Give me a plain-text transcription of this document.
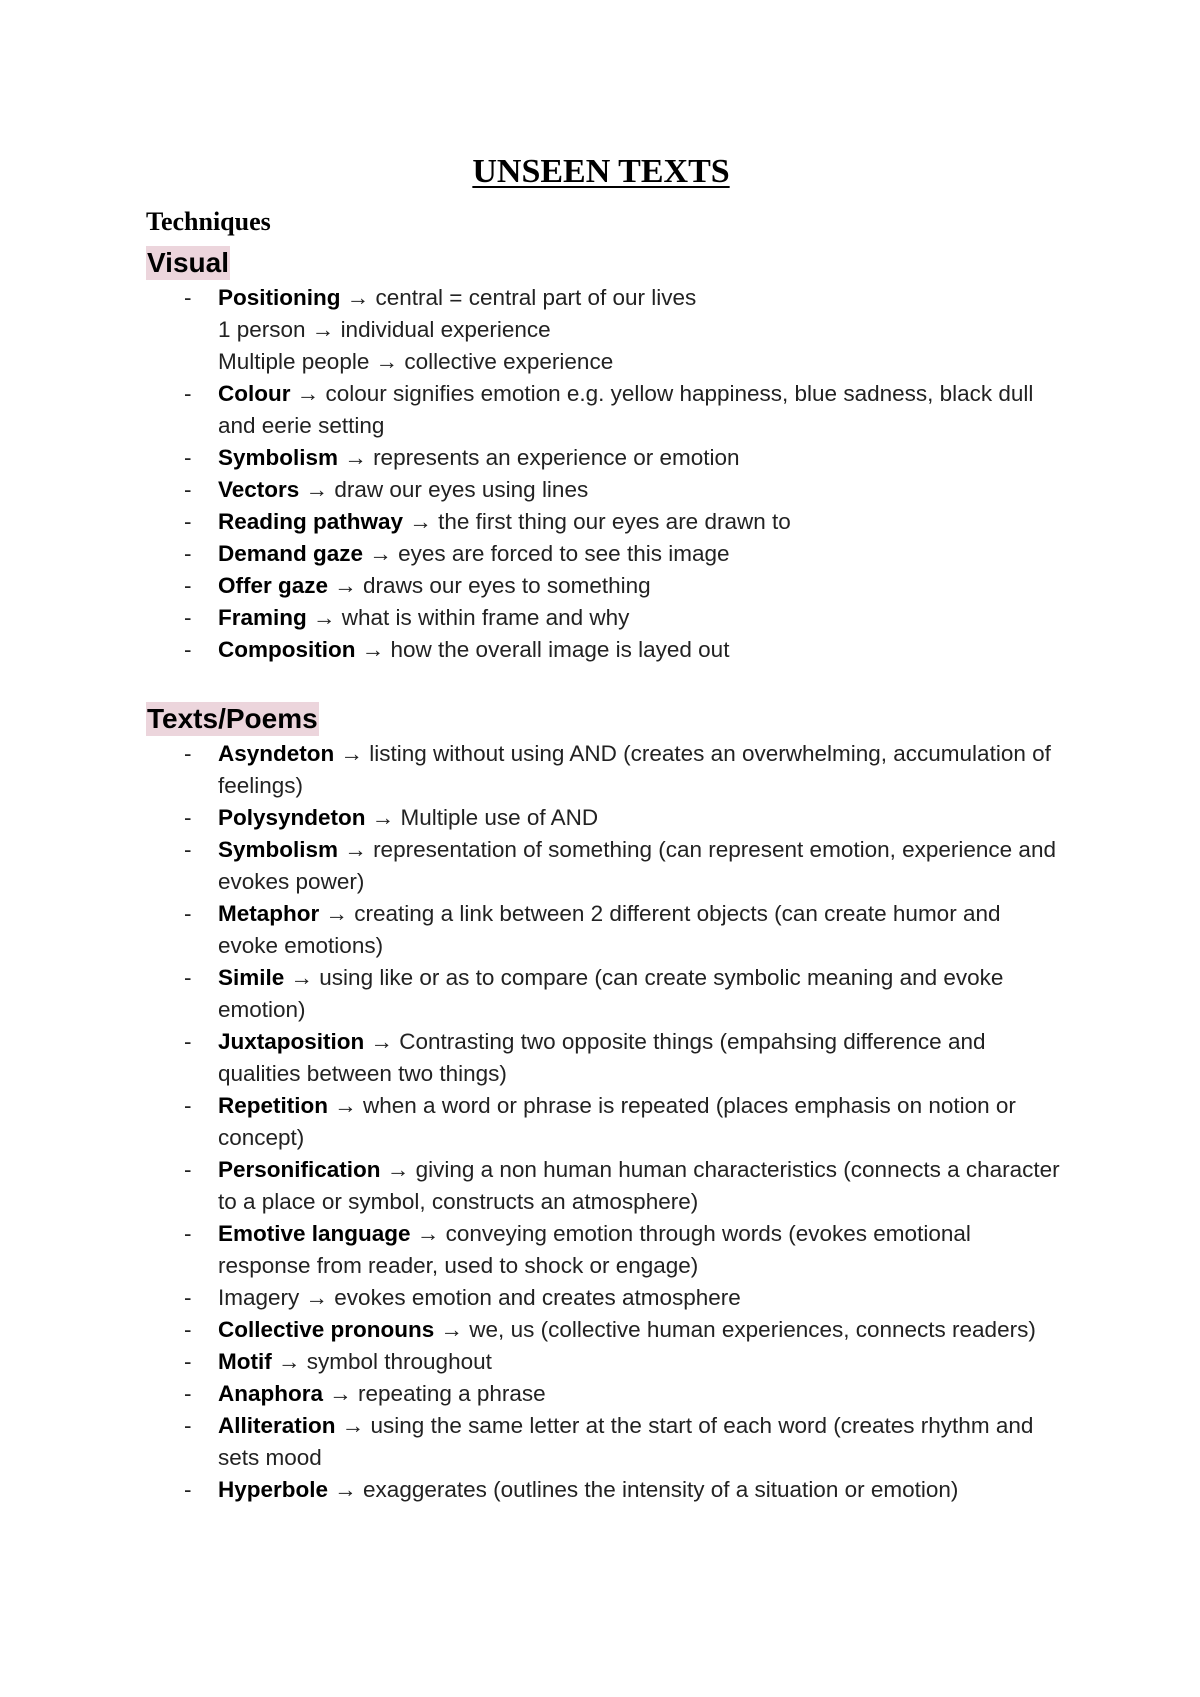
UNSEEN TEXTS
Techniques
Visual
- Positioning → central = central part of our lives
1 person → individual experience
Multiple people → collective experience
- Colour → colour signifies emotion e.g. yellow happiness, blue sadness, black dull and eerie setting
- Symbolism → represents an experience or emotion
- Vectors → draw our eyes using lines
- Reading pathway → the first thing our eyes are drawn to
- Demand gaze → eyes are forced to see this image
- Offer gaze → draws our eyes to something
- Framing → what is within frame and why
- Composition → how the overall image is layed out
Texts/Poems
- Asyndeton → listing without using AND (creates an overwhelming, accumulation of feelings)
- Polysyndeton → Multiple use of AND
- Symbolism → representation of something (can represent emotion, experience and evokes power)
- Metaphor → creating a link between 2 different objects (can create humor and evoke emotions)
- Simile → using like or as to compare (can create symbolic meaning and evoke emotion)
- Juxtaposition → Contrasting two opposite things (empahsing difference and qualities between two things)
- Repetition → when a word or phrase is repeated (places emphasis on notion or concept)
- Personification → giving a non human human characteristics (connects a character to a place or symbol, constructs an atmosphere)
- Emotive language → conveying emotion through words (evokes emotional response from reader, used to shock or engage)
- Imagery → evokes emotion and creates atmosphere
- Collective pronouns → we, us (collective human experiences, connects readers)
- Motif → symbol throughout
- Anaphora → repeating a phrase
- Alliteration → using the same letter at the start of each word (creates rhythm and sets mood
- Hyperbole → exaggerates (outlines the intensity of a situation or emotion)
